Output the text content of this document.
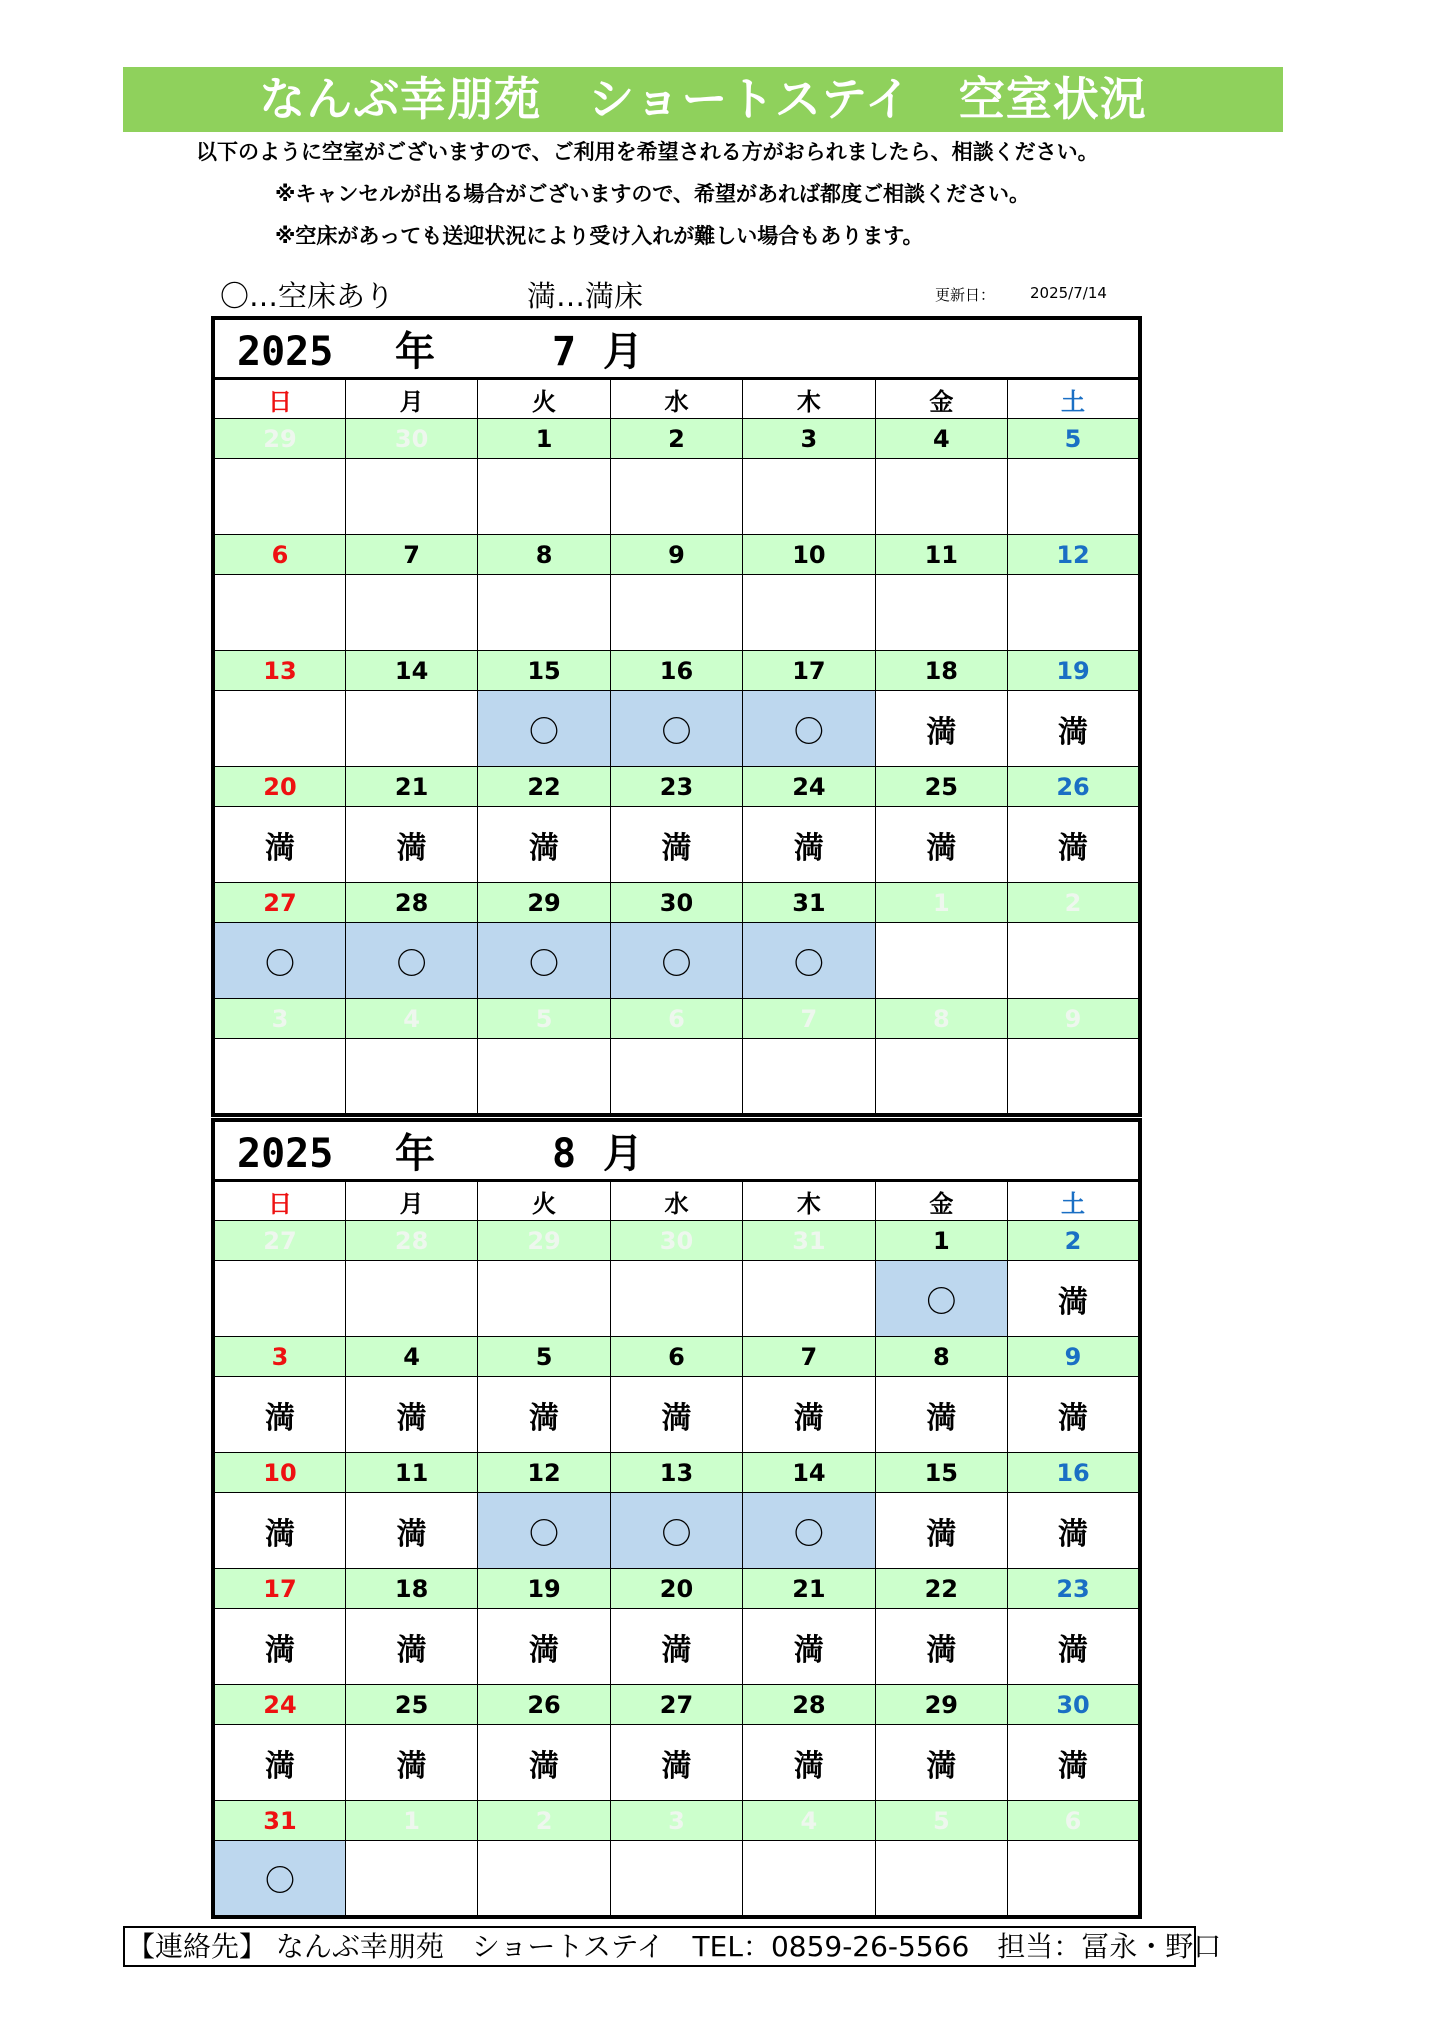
なんぶ幸朋苑　ショートステイ　空室状況
以下のように空室がございますので、ご利用を希望される方がおられましたら、相談ください。
※キャンセルが出る場合がございますので、希望があれば都度ご相談ください。
※空床があっても送迎状況により受け入れが難しい場合もあります。
〇…空床あり	満…満床	更新日： 2025/7/14
2025 年 7 月						
日	月	火	水	木	金	土
29	30	1	2	3	4	5

6	7	8	9	10	11	12

13	14	15	16	17	18	19
		〇	〇	〇	満	満
20	21	22	23	24	25	26
満	満	満	満	満	満	満
27	28	29	30	31	1	2
〇	〇	〇	〇	〇		
3	4	5	6	7	8	9

2025 年 8 月						
日	月	火	水	木	金	土
27	28	29	30	31	1	2
					〇	満
3	4	5	6	7	8	9
満	満	満	満	満	満	満
10	11	12	13	14	15	16
満	満	〇	〇	〇	満	満
17	18	19	20	21	22	23
満	満	満	満	満	満	満
24	25	26	27	28	29	30
満	満	満	満	満	満	満
31	1	2	3	4	5	6
〇						
【連絡先】 なんぶ幸朋苑　ショートステイ　TEL：0859-26-5566　担当：冨永・野口
